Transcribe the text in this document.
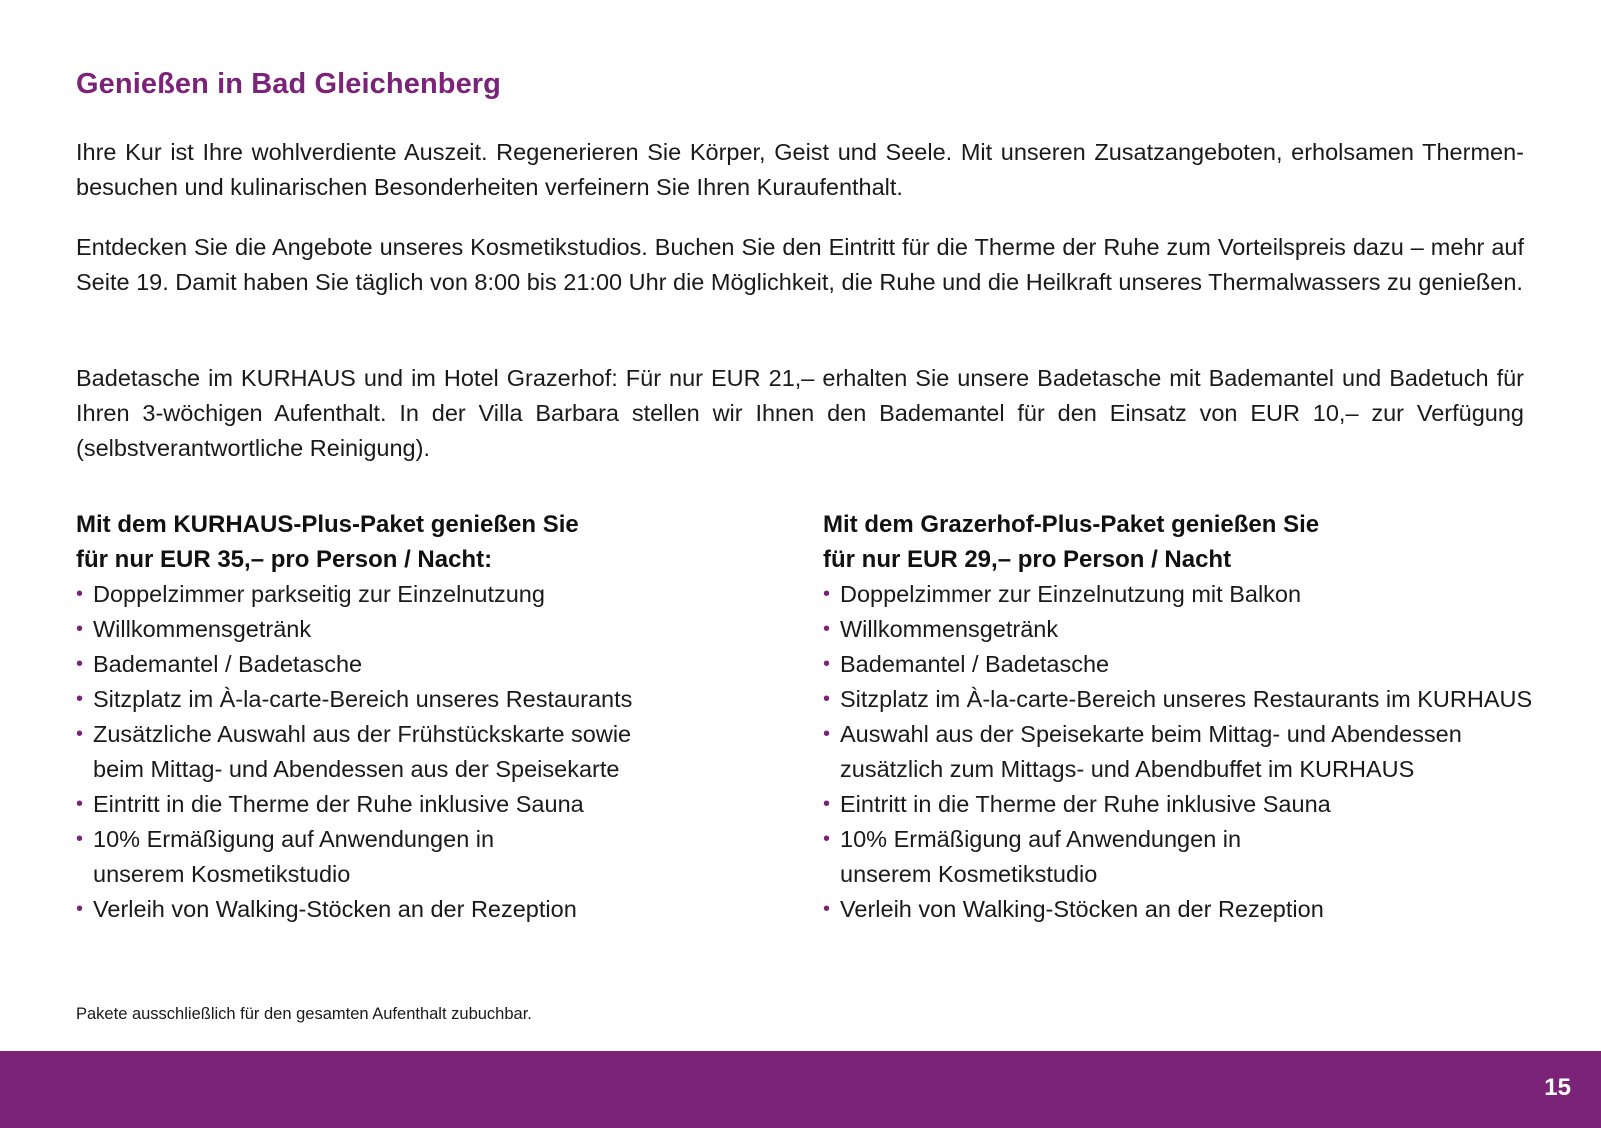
Genießen in Bad Gleichenberg

Ihre Kur ist Ihre wohlverdiente Auszeit. Regenerieren Sie Körper, Geist und Seele. Mit unseren Zusatzangeboten, erholsamen Thermenbesuchen und kulinarischen Besonderheiten verfeinern Sie Ihren Kuraufenthalt.

Entdecken Sie die Angebote unseres Kosmetikstudios. Buchen Sie den Eintritt für die Therme der Ruhe zum Vorteilspreis dazu – mehr auf Seite 19. Damit haben Sie täglich von 8:00 bis 21:00 Uhr die Möglichkeit, die Ruhe und die Heilkraft unseres Thermalwassers zu genießen.

Badetasche im KURHAUS und im Hotel Grazerhof: Für nur EUR 21,– erhalten Sie unsere Badetasche mit Bademantel und Badetuch für Ihren 3-wöchigen Aufenthalt. In der Villa Barbara stellen wir Ihnen den Bademantel für den Einsatz von EUR 10,– zur Verfügung (selbstverantwortliche Reinigung).

Mit dem KURHAUS-Plus-Paket genießen Sie
für nur EUR 35,– pro Person / Nacht:
• Doppelzimmer parkseitig zur Einzelnutzung
• Willkommensgetränk
• Bademantel / Badetasche
• Sitzplatz im À-la-carte-Bereich unseres Restaurants
• Zusätzliche Auswahl aus der Frühstückskarte sowie
beim Mittag- und Abendessen aus der Speisekarte
• Eintritt in die Therme der Ruhe inklusive Sauna
• 10% Ermäßigung auf Anwendungen in
unserem Kosmetikstudio
• Verleih von Walking-Stöcken an der Rezeption
Mit dem Grazerhof-Plus-Paket genießen Sie
für nur EUR 29,– pro Person / Nacht
• Doppelzimmer zur Einzelnutzung mit Balkon
• Willkommensgetränk
• Bademantel / Badetasche
• Sitzplatz im À-la-carte-Bereich unseres Restaurants im KURHAUS
• Auswahl aus der Speisekarte beim Mittag- und Abendessen
zusätzlich zum Mittags- und Abendbuffet im KURHAUS
• Eintritt in die Therme der Ruhe inklusive Sauna
• 10% Ermäßigung auf Anwendungen in
unserem Kosmetikstudio
• Verleih von Walking-Stöcken an der Rezeption

Pakete ausschließlich für den gesamten Aufenthalt zubuchbar.

15
